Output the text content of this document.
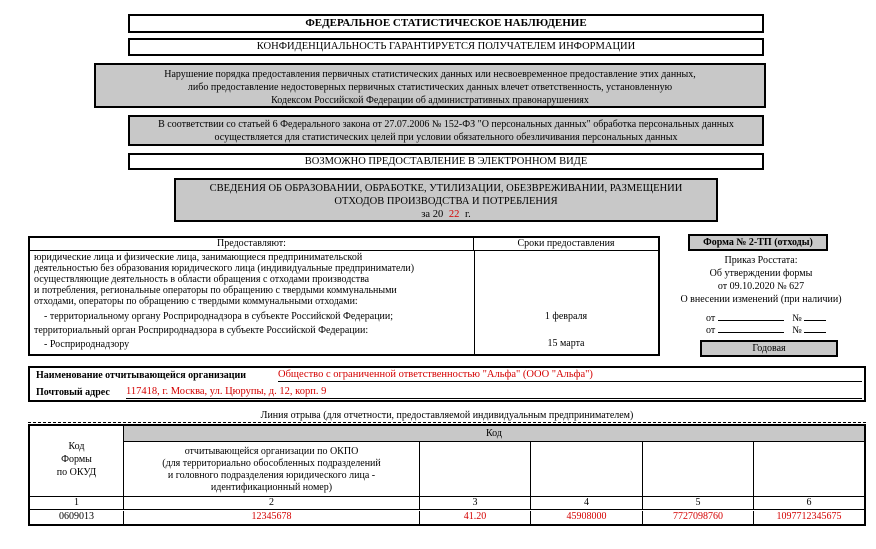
ФЕДЕРАЛЬНОЕ СТАТИСТИЧЕСКОЕ НАБЛЮДЕНИЕ
КОНФИДЕНЦИАЛЬНОСТЬ ГАРАНТИРУЕТСЯ ПОЛУЧАТЕЛЕМ ИНФОРМАЦИИ
Нарушение порядка предоставления первичных статистических данных или несвоевременное предоставление этих данных,
либо предоставление недостоверных первичных статистических данных влечет ответственность, установленную
Кодексом Российской Федерации об административных правонарушениях
В соответствии со статьей 6 Федерального закона от 27.07.2006 № 152-ФЗ "О персональных данных" обработка персональных данных
осуществляется для статистических целей при условии обязательного обезличивания персональных данных
ВОЗМОЖНО ПРЕДОСТАВЛЕНИЕ В ЭЛЕКТРОННОМ ВИДЕ
СВЕДЕНИЯ ОБ ОБРАЗОВАНИИ, ОБРАБОТКЕ, УТИЛИЗАЦИИ, ОБЕЗВРЕЖИВАНИИ, РАЗМЕЩЕНИИ
ОТХОДОВ ПРОИЗВОДСТВА И ПОТРЕБЛЕНИЯ
за 20 22 г.
Предоставляют:	Сроки предоставления
юридические лица и физические лица, занимающиеся предпринимательской
деятельностью без образования юридического лица (индивидуальные предприниматели)
осуществляющие деятельность в области обращения с отходами производства
и потребления, региональные операторы по обращению с твердыми коммунальными
отходами, операторы по обращению с твердыми коммунальными отходами:
- территориальному органу Росприроднадзора в субъекте Российской Федерации;	1 февраля
территориальный орган Росприроднадзора в субъекте Российской Федерации:
- Росприроднадзору	15 марта
Форма № 2-ТП (отходы)
Приказ Росстата:
Об утверждении формы
от 09.10.2020 № 627
О внесении изменений (при наличии)
от	№
от	№
Годовая
Наименование отчитывающейся организации	Общество с ограниченной ответственностью "Альфа" (ООО "Альфа")
Почтовый адрес 117418, г. Москва, ул. Цюрупы, д. 12, корп. 9
Линия отрыва (для отчетности, предоставляемой индивидуальным предпринимателем)
Код
Формы
по ОКУД
Код
отчитывающейся организации по ОКПО
(для территориально обособленных подразделений
и головного подразделения юридического лица -
идентификационный номер)
1	2	3	4	5	6
0609013	12345678	41.20	45908000	7727098760	1097712345675
